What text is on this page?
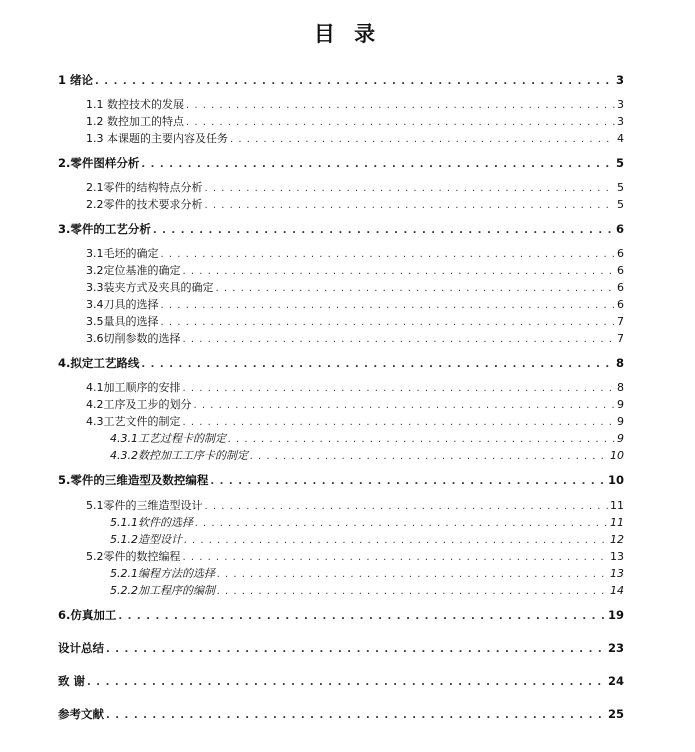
目 录
1 绪论 . . .	3
1.1 数控技术的发展 . . .	3
1.2 数控加工的特点 . . .	3
1.3 本课题的主要内容及任务 . . .	4
2.零件图样分析 . . .	5
2.1零件的结构特点分析 . . .	5
2.2零件的技术要求分析 . . .	5
3.零件的工艺分析 . . .	6
3.1毛坯的确定 . . .	6
3.2定位基准的确定 . . .	6
3.3装夹方式及夹具的确定 . . .	6
3.4刀具的选择 . . .	6
3.5量具的选择 . . .	7
3.6切削参数的选择 . . .	7
4.拟定工艺路线 . . .	8
4.1加工顺序的安排 . . .	8
4.2工序及工步的划分 . . .	9
4.3工艺文件的制定 . . .	9
4.3.1工艺过程卡的制定 . . .	9
4.3.2数控加工工序卡的制定 . . .	10
5.零件的三维造型及数控编程 . . .	10
5.1零件的三维造型设计 . . .	11
5.1.1软件的选择 . . .	11
5.1.2造型设计 . . .	12
5.2零件的数控编程 . . .	13
5.2.1编程方法的选择 . . .	13
5.2.2加工程序的编制 . . .	14
6.仿真加工 . . .	19
设计总结 . . .	23
致 谢 . . .	24
参考文献 . . .	25
